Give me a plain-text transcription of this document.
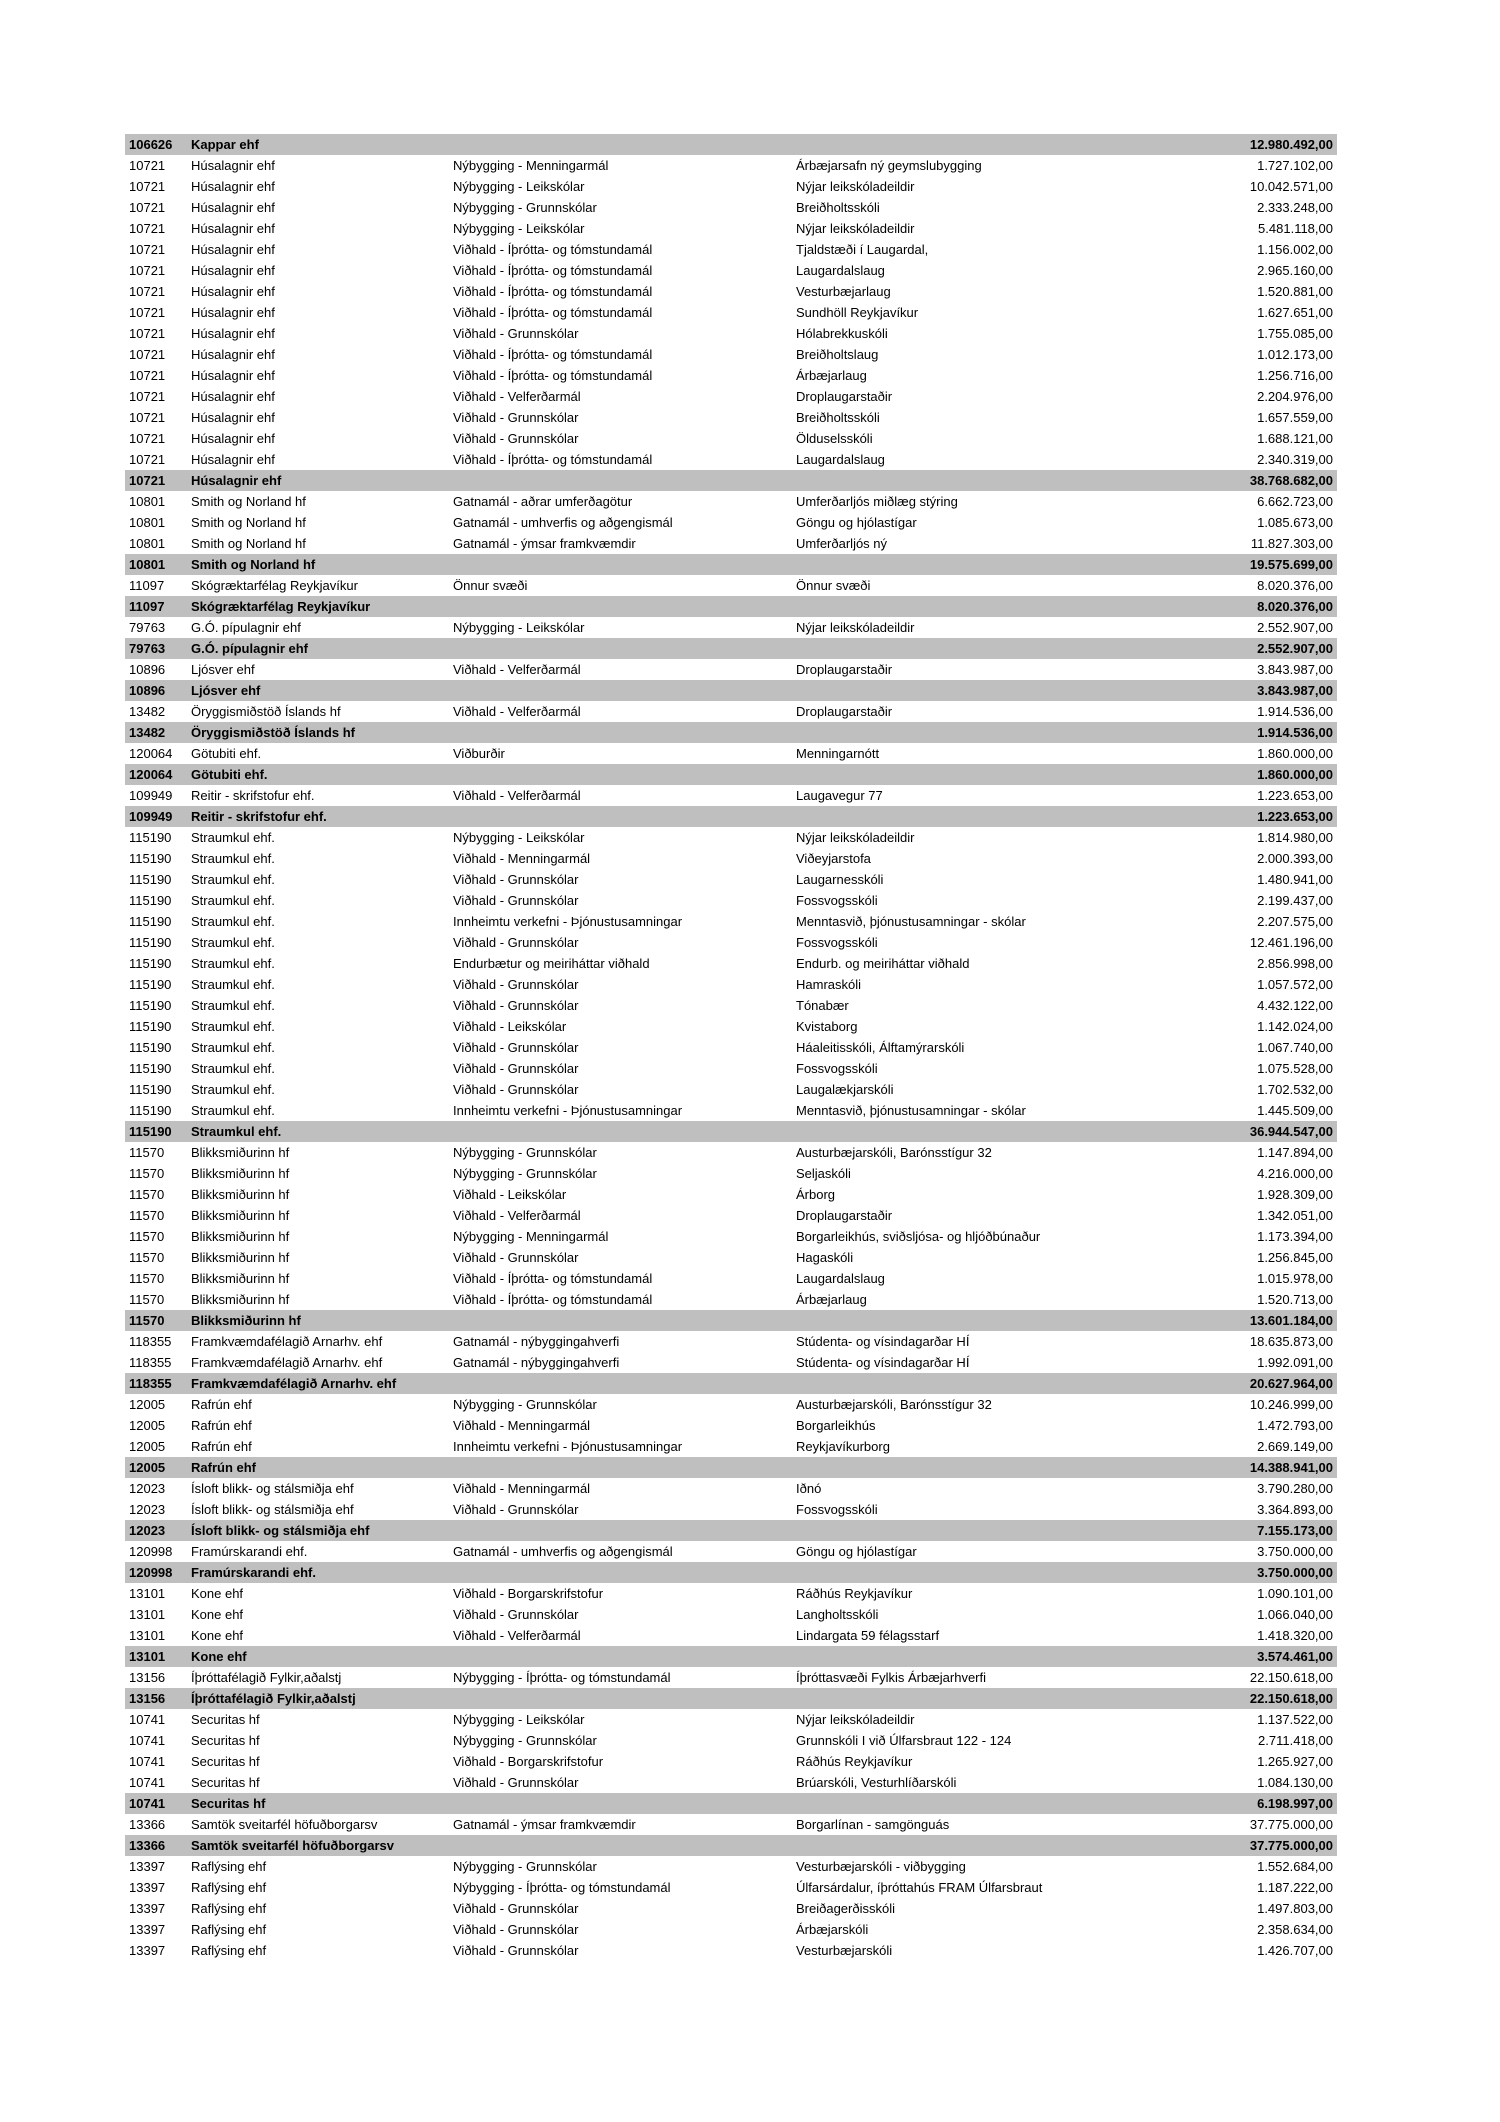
106626	Kappar ehf			12.980.492,00
10721	Húsalagnir ehf	Nýbygging - Menningarmál	Árbæjarsafn ný geymslubygging	1.727.102,00
10721	Húsalagnir ehf	Nýbygging - Leikskólar	Nýjar leikskóladeildir	10.042.571,00
10721	Húsalagnir ehf	Nýbygging - Grunnskólar	Breiðholtsskóli	2.333.248,00
10721	Húsalagnir ehf	Nýbygging - Leikskólar	Nýjar leikskóladeildir	5.481.118,00
10721	Húsalagnir ehf	Viðhald - Íþrótta- og tómstundamál	Tjaldstæði í Laugardal,	1.156.002,00
10721	Húsalagnir ehf	Viðhald - Íþrótta- og tómstundamál	Laugardalslaug	2.965.160,00
10721	Húsalagnir ehf	Viðhald - Íþrótta- og tómstundamál	Vesturbæjarlaug	1.520.881,00
10721	Húsalagnir ehf	Viðhald - Íþrótta- og tómstundamál	Sundhöll Reykjavíkur	1.627.651,00
10721	Húsalagnir ehf	Viðhald - Grunnskólar	Hólabrekkuskóli	1.755.085,00
10721	Húsalagnir ehf	Viðhald - Íþrótta- og tómstundamál	Breiðholtslaug	1.012.173,00
10721	Húsalagnir ehf	Viðhald - Íþrótta- og tómstundamál	Árbæjarlaug	1.256.716,00
10721	Húsalagnir ehf	Viðhald - Velferðarmál	Droplaugarstaðir	2.204.976,00
10721	Húsalagnir ehf	Viðhald - Grunnskólar	Breiðholtsskóli	1.657.559,00
10721	Húsalagnir ehf	Viðhald - Grunnskólar	Ölduselsskóli	1.688.121,00
10721	Húsalagnir ehf	Viðhald - Íþrótta- og tómstundamál	Laugardalslaug	2.340.319,00
10721	Húsalagnir ehf			38.768.682,00
10801	Smith og Norland hf	Gatnamál - aðrar umferðagötur	Umferðarljós miðlæg stýring	6.662.723,00
10801	Smith og Norland hf	Gatnamál - umhverfis og aðgengismál	Göngu og hjólastígar	1.085.673,00
10801	Smith og Norland hf	Gatnamál - ýmsar framkvæmdir	Umferðarljós ný	11.827.303,00
10801	Smith og Norland hf			19.575.699,00
11097	Skógræktarfélag Reykjavíkur	Önnur svæði	Önnur svæði	8.020.376,00
11097	Skógræktarfélag Reykjavíkur			8.020.376,00
79763	G.Ó. pípulagnir ehf	Nýbygging - Leikskólar	Nýjar leikskóladeildir	2.552.907,00
79763	G.Ó. pípulagnir ehf			2.552.907,00
10896	Ljósver ehf	Viðhald - Velferðarmál	Droplaugarstaðir	3.843.987,00
10896	Ljósver ehf			3.843.987,00
13482	Öryggismiðstöð Íslands hf	Viðhald - Velferðarmál	Droplaugarstaðir	1.914.536,00
13482	Öryggismiðstöð Íslands hf			1.914.536,00
120064	Götubiti ehf.	Viðburðir	Menningarnótt	1.860.000,00
120064	Götubiti ehf.			1.860.000,00
109949	Reitir - skrifstofur ehf.	Viðhald - Velferðarmál	Laugavegur 77	1.223.653,00
109949	Reitir - skrifstofur ehf.			1.223.653,00
115190	Straumkul ehf.	Nýbygging - Leikskólar	Nýjar leikskóladeildir	1.814.980,00
115190	Straumkul ehf.	Viðhald - Menningarmál	Viðeyjarstofa	2.000.393,00
115190	Straumkul ehf.	Viðhald - Grunnskólar	Laugarnesskóli	1.480.941,00
115190	Straumkul ehf.	Viðhald - Grunnskólar	Fossvogsskóli	2.199.437,00
115190	Straumkul ehf.	Innheimtu verkefni - Þjónustusamningar	Menntasvið, þjónustusamningar - skólar	2.207.575,00
115190	Straumkul ehf.	Viðhald - Grunnskólar	Fossvogsskóli	12.461.196,00
115190	Straumkul ehf.	Endurbætur og meiriháttar viðhald	Endurb. og meiriháttar viðhald	2.856.998,00
115190	Straumkul ehf.	Viðhald - Grunnskólar	Hamraskóli	1.057.572,00
115190	Straumkul ehf.	Viðhald - Grunnskólar	Tónabær	4.432.122,00
115190	Straumkul ehf.	Viðhald - Leikskólar	Kvistaborg	1.142.024,00
115190	Straumkul ehf.	Viðhald - Grunnskólar	Háaleitisskóli, Álftamýrarskóli	1.067.740,00
115190	Straumkul ehf.	Viðhald - Grunnskólar	Fossvogsskóli	1.075.528,00
115190	Straumkul ehf.	Viðhald - Grunnskólar	Laugalækjarskóli	1.702.532,00
115190	Straumkul ehf.	Innheimtu verkefni - Þjónustusamningar	Menntasvið, þjónustusamningar - skólar	1.445.509,00
115190	Straumkul ehf.			36.944.547,00
11570	Blikksmiðurinn hf	Nýbygging - Grunnskólar	Austurbæjarskóli, Barónsstígur 32	1.147.894,00
11570	Blikksmiðurinn hf	Nýbygging - Grunnskólar	Seljaskóli	4.216.000,00
11570	Blikksmiðurinn hf	Viðhald - Leikskólar	Árborg	1.928.309,00
11570	Blikksmiðurinn hf	Viðhald - Velferðarmál	Droplaugarstaðir	1.342.051,00
11570	Blikksmiðurinn hf	Nýbygging - Menningarmál	Borgarleikhús, sviðsljósa- og hljóðbúnaður	1.173.394,00
11570	Blikksmiðurinn hf	Viðhald - Grunnskólar	Hagaskóli	1.256.845,00
11570	Blikksmiðurinn hf	Viðhald - Íþrótta- og tómstundamál	Laugardalslaug	1.015.978,00
11570	Blikksmiðurinn hf	Viðhald - Íþrótta- og tómstundamál	Árbæjarlaug	1.520.713,00
11570	Blikksmiðurinn hf			13.601.184,00
118355	Framkvæmdafélagið Arnarhv. ehf	Gatnamál - nýbyggingahverfi	Stúdenta- og vísindagarðar HÍ	18.635.873,00
118355	Framkvæmdafélagið Arnarhv. ehf	Gatnamál - nýbyggingahverfi	Stúdenta- og vísindagarðar HÍ	1.992.091,00
118355	Framkvæmdafélagið Arnarhv. ehf			20.627.964,00
12005	Rafrún ehf	Nýbygging - Grunnskólar	Austurbæjarskóli, Barónsstígur 32	10.246.999,00
12005	Rafrún ehf	Viðhald - Menningarmál	Borgarleikhús	1.472.793,00
12005	Rafrún ehf	Innheimtu verkefni - Þjónustusamningar	Reykjavíkurborg	2.669.149,00
12005	Rafrún ehf			14.388.941,00
12023	Ísloft blikk- og stálsmiðja ehf	Viðhald - Menningarmál	Iðnó	3.790.280,00
12023	Ísloft blikk- og stálsmiðja ehf	Viðhald - Grunnskólar	Fossvogsskóli	3.364.893,00
12023	Ísloft blikk- og stálsmiðja ehf			7.155.173,00
120998	Framúrskarandi ehf.	Gatnamál - umhverfis og aðgengismál	Göngu og hjólastígar	3.750.000,00
120998	Framúrskarandi ehf.			3.750.000,00
13101	Kone ehf	Viðhald - Borgarskrifstofur	Ráðhús Reykjavíkur	1.090.101,00
13101	Kone ehf	Viðhald - Grunnskólar	Langholtsskóli	1.066.040,00
13101	Kone ehf	Viðhald - Velferðarmál	Lindargata 59 félagsstarf	1.418.320,00
13101	Kone ehf			3.574.461,00
13156	Íþróttafélagið Fylkir,aðalstj	Nýbygging - Íþrótta- og tómstundamál	Íþróttasvæði Fylkis Árbæjarhverfi	22.150.618,00
13156	Íþróttafélagið Fylkir,aðalstj			22.150.618,00
10741	Securitas hf	Nýbygging - Leikskólar	Nýjar leikskóladeildir	1.137.522,00
10741	Securitas hf	Nýbygging - Grunnskólar	Grunnskóli I við Úlfarsbraut 122 - 124	2.711.418,00
10741	Securitas hf	Viðhald - Borgarskrifstofur	Ráðhús Reykjavíkur	1.265.927,00
10741	Securitas hf	Viðhald - Grunnskólar	Brúarskóli, Vesturhlíðarskóli	1.084.130,00
10741	Securitas hf			6.198.997,00
13366	Samtök sveitarfél höfuðborgarsv	Gatnamál - ýmsar framkvæmdir	Borgarlínan - samgönguás	37.775.000,00
13366	Samtök sveitarfél höfuðborgarsv			37.775.000,00
13397	Raflýsing ehf	Nýbygging - Grunnskólar	Vesturbæjarskóli - viðbygging	1.552.684,00
13397	Raflýsing ehf	Nýbygging - Íþrótta- og tómstundamál	Úlfarsárdalur, íþróttahús FRAM Úlfarsbraut	1.187.222,00
13397	Raflýsing ehf	Viðhald - Grunnskólar	Breiðagerðisskóli	1.497.803,00
13397	Raflýsing ehf	Viðhald - Grunnskólar	Árbæjarskóli	2.358.634,00
13397	Raflýsing ehf	Viðhald - Grunnskólar	Vesturbæjarskóli	1.426.707,00
